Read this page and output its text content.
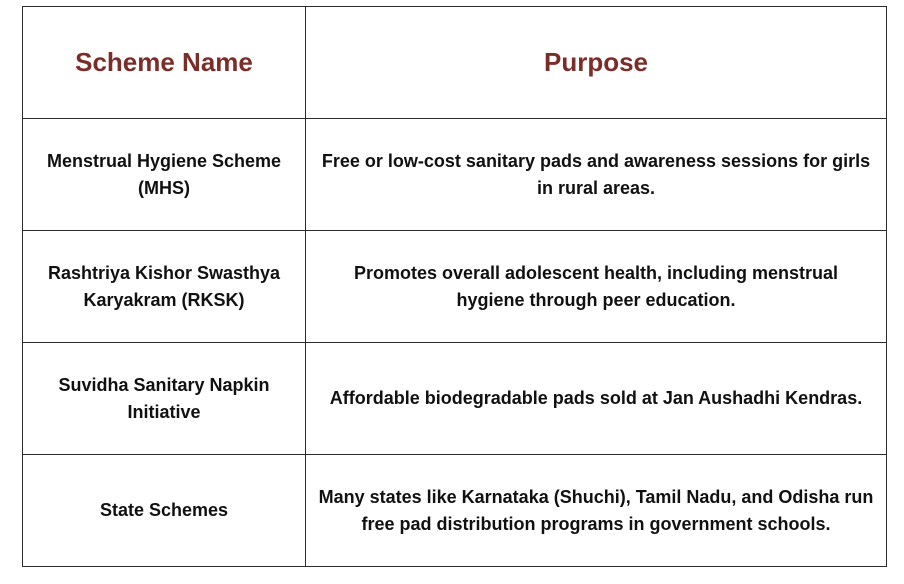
Scheme Name	Purpose
Menstrual Hygiene Scheme (MHS)	Free or low-cost sanitary pads and awareness sessions for girls in rural areas.
Rashtriya Kishor Swasthya Karyakram (RKSK)	Promotes overall adolescent health, including menstrual hygiene through peer education.
Suvidha Sanitary Napkin Initiative	Affordable biodegradable pads sold at Jan Aushadhi Kendras.
State Schemes	Many states like Karnataka (Shuchi), Tamil Nadu, and Odisha run free pad distribution programs in government schools.
